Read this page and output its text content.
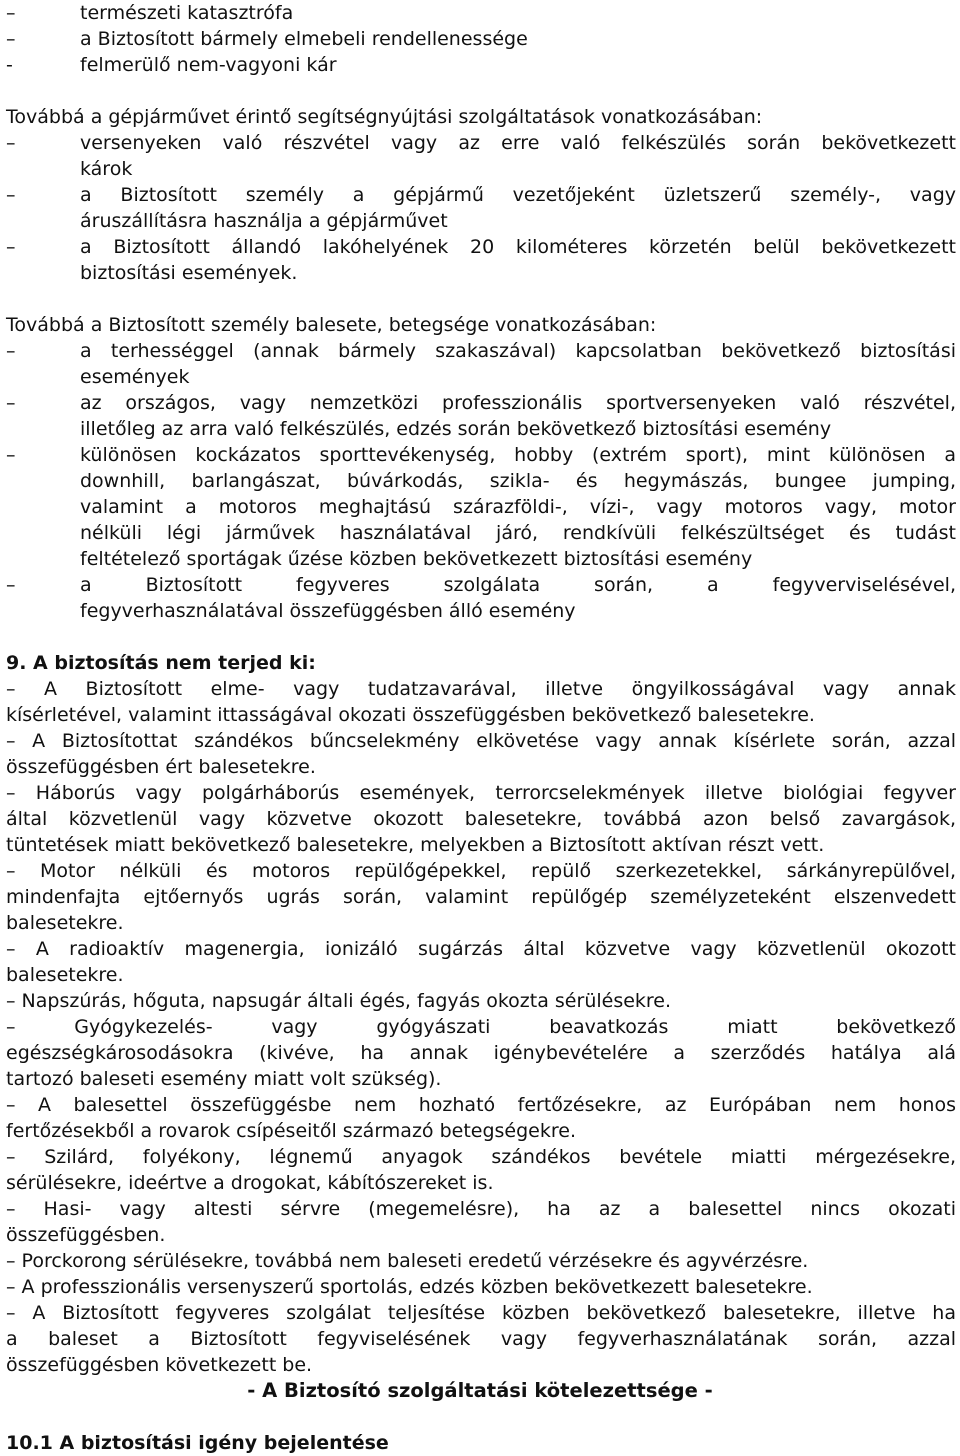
–	természeti katasztrófa
–	a Biztosított bármely elmebeli rendellenessége
-	felmerülő nem-vagyoni kár
Továbbá a gépjárművet érintő segítségnyújtási szolgáltatások vonatkozásában:
–	versenyeken való részvétel vagy az erre való felkészülés során bekövetkezett
károk
–	a Biztosított személy a gépjármű vezetőjeként üzletszerű személy-, vagy
áruszállításra használja a gépjárművet
–	a Biztosított állandó lakóhelyének 20 kilométeres körzetén belül bekövetkezett
biztosítási események.
Továbbá a Biztosított személy balesete, betegsége vonatkozásában:
–	a terhességgel (annak bármely szakaszával) kapcsolatban bekövetkező biztosítási
események
–	az országos, vagy nemzetközi professzionális sportversenyeken való részvétel,
illetőleg az arra való felkészülés, edzés során bekövetkező biztosítási esemény
–	különösen kockázatos sporttevékenység, hobby (extrém sport), mint különösen a
downhill, barlangászat, búvárkodás, szikla- és hegymászás, bungee jumping,
valamint a motoros meghajtású szárazföldi-, vízi-, vagy motoros vagy, motor
nélküli légi járművek használatával járó, rendkívüli felkészültséget és tudást
feltételező sportágak űzése közben bekövetkezett biztosítási esemény
–	a Biztosított fegyveres szolgálata során, a fegyverviselésével,
fegyverhasználatával összefüggésben álló esemény
9. A biztosítás nem terjed ki:
– A Biztosított elme- vagy tudatzavarával, illetve öngyilkosságával vagy annak
kísérletével, valamint ittasságával okozati összefüggésben bekövetkező balesetekre.
– A Biztosítottat szándékos bűncselekmény elkövetése vagy annak kísérlete során, azzal
összefüggésben ért balesetekre.
– Háborús vagy polgárháborús események, terrorcselekmények illetve biológiai fegyver
által közvetlenül vagy közvetve okozott balesetekre, továbbá azon belső zavargások,
tüntetések miatt bekövetkező balesetekre, melyekben a Biztosított aktívan részt vett.
– Motor nélküli és motoros repülőgépekkel, repülő szerkezetekkel, sárkányrepülővel,
mindenfajta ejtőernyős ugrás során, valamint repülőgép személyzeteként elszenvedett
balesetekre.
– A radioaktív magenergia, ionizáló sugárzás által közvetve vagy közvetlenül okozott
balesetekre.
– Napszúrás, hőguta, napsugár általi égés, fagyás okozta sérülésekre.
– Gyógykezelés- vagy gyógyászati beavatkozás miatt bekövetkező
egészségkárosodásokra (kivéve, ha annak igénybevételére a szerződés hatálya alá
tartozó baleseti esemény miatt volt szükség).
– A balesettel összefüggésbe nem hozható fertőzésekre, az Európában nem honos
fertőzésekből a rovarok csípéseitől származó betegségekre.
– Szilárd, folyékony, légnemű anyagok szándékos bevétele miatti mérgezésekre,
sérülésekre, ideértve a drogokat, kábítószereket is.
– Hasi- vagy altesti sérvre (megemelésre), ha az a balesettel nincs okozati
összefüggésben.
– Porckorong sérülésekre, továbbá nem baleseti eredetű vérzésekre és agyvérzésre.
– A professzionális versenyszerű sportolás, edzés közben bekövetkezett balesetekre.
– A Biztosított fegyveres szolgálat teljesítése közben bekövetkező balesetekre, illetve ha
a baleset a Biztosított fegyviselésének vagy fegyverhasználatának során, azzal
összefüggésben következett be.
- A Biztosító szolgáltatási kötelezettsége -
10.1 A biztosítási igény bejelentése
